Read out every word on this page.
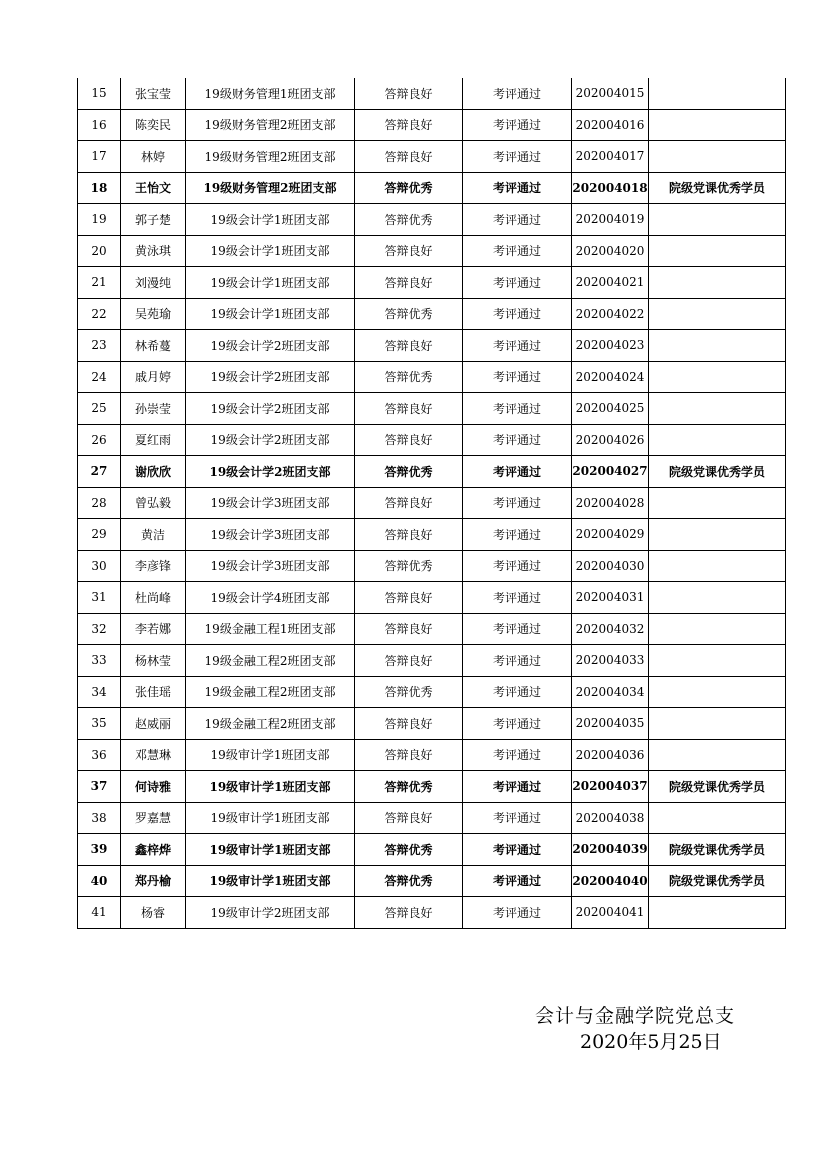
15	张宝莹	19级财务管理1班团支部	答辩良好	考评通过	202004015	
16	陈奕民	19级财务管理2班团支部	答辩良好	考评通过	202004016	
17	林婷	19级财务管理2班团支部	答辩良好	考评通过	202004017	
18	王怡文	19级财务管理2班团支部	答辩优秀	考评通过	202004018	院级党课优秀学员
19	郭子楚	19级会计学1班团支部	答辩优秀	考评通过	202004019	
20	黄泳琪	19级会计学1班团支部	答辩良好	考评通过	202004020	
21	刘漫纯	19级会计学1班团支部	答辩良好	考评通过	202004021	
22	吴苑瑜	19级会计学1班团支部	答辩优秀	考评通过	202004022	
23	林希蔓	19级会计学2班团支部	答辩良好	考评通过	202004023	
24	戚月婷	19级会计学2班团支部	答辩优秀	考评通过	202004024	
25	孙崇莹	19级会计学2班团支部	答辩良好	考评通过	202004025	
26	夏红雨	19级会计学2班团支部	答辩良好	考评通过	202004026	
27	谢欣欣	19级会计学2班团支部	答辩优秀	考评通过	202004027	院级党课优秀学员
28	曾弘毅	19级会计学3班团支部	答辩良好	考评通过	202004028	
29	黄洁	19级会计学3班团支部	答辩良好	考评通过	202004029	
30	李彦锋	19级会计学3班团支部	答辩优秀	考评通过	202004030	
31	杜尚峰	19级会计学4班团支部	答辩良好	考评通过	202004031	
32	李若娜	19级金融工程1班团支部	答辩良好	考评通过	202004032	
33	杨林莹	19级金融工程2班团支部	答辩良好	考评通过	202004033	
34	张佳瑶	19级金融工程2班团支部	答辩优秀	考评通过	202004034	
35	赵威丽	19级金融工程2班团支部	答辩良好	考评通过	202004035	
36	邓慧琳	19级审计学1班团支部	答辩良好	考评通过	202004036	
37	何诗雅	19级审计学1班团支部	答辩优秀	考评通过	202004037	院级党课优秀学员
38	罗嘉慧	19级审计学1班团支部	答辩良好	考评通过	202004038	
39	鑫梓烨	19级审计学1班团支部	答辩优秀	考评通过	202004039	院级党课优秀学员
40	郑丹榆	19级审计学1班团支部	答辩优秀	考评通过	202004040	院级党课优秀学员
41	杨睿	19级审计学2班团支部	答辩良好	考评通过	202004041	
会计与金融学院党总支
2020年5月25日
